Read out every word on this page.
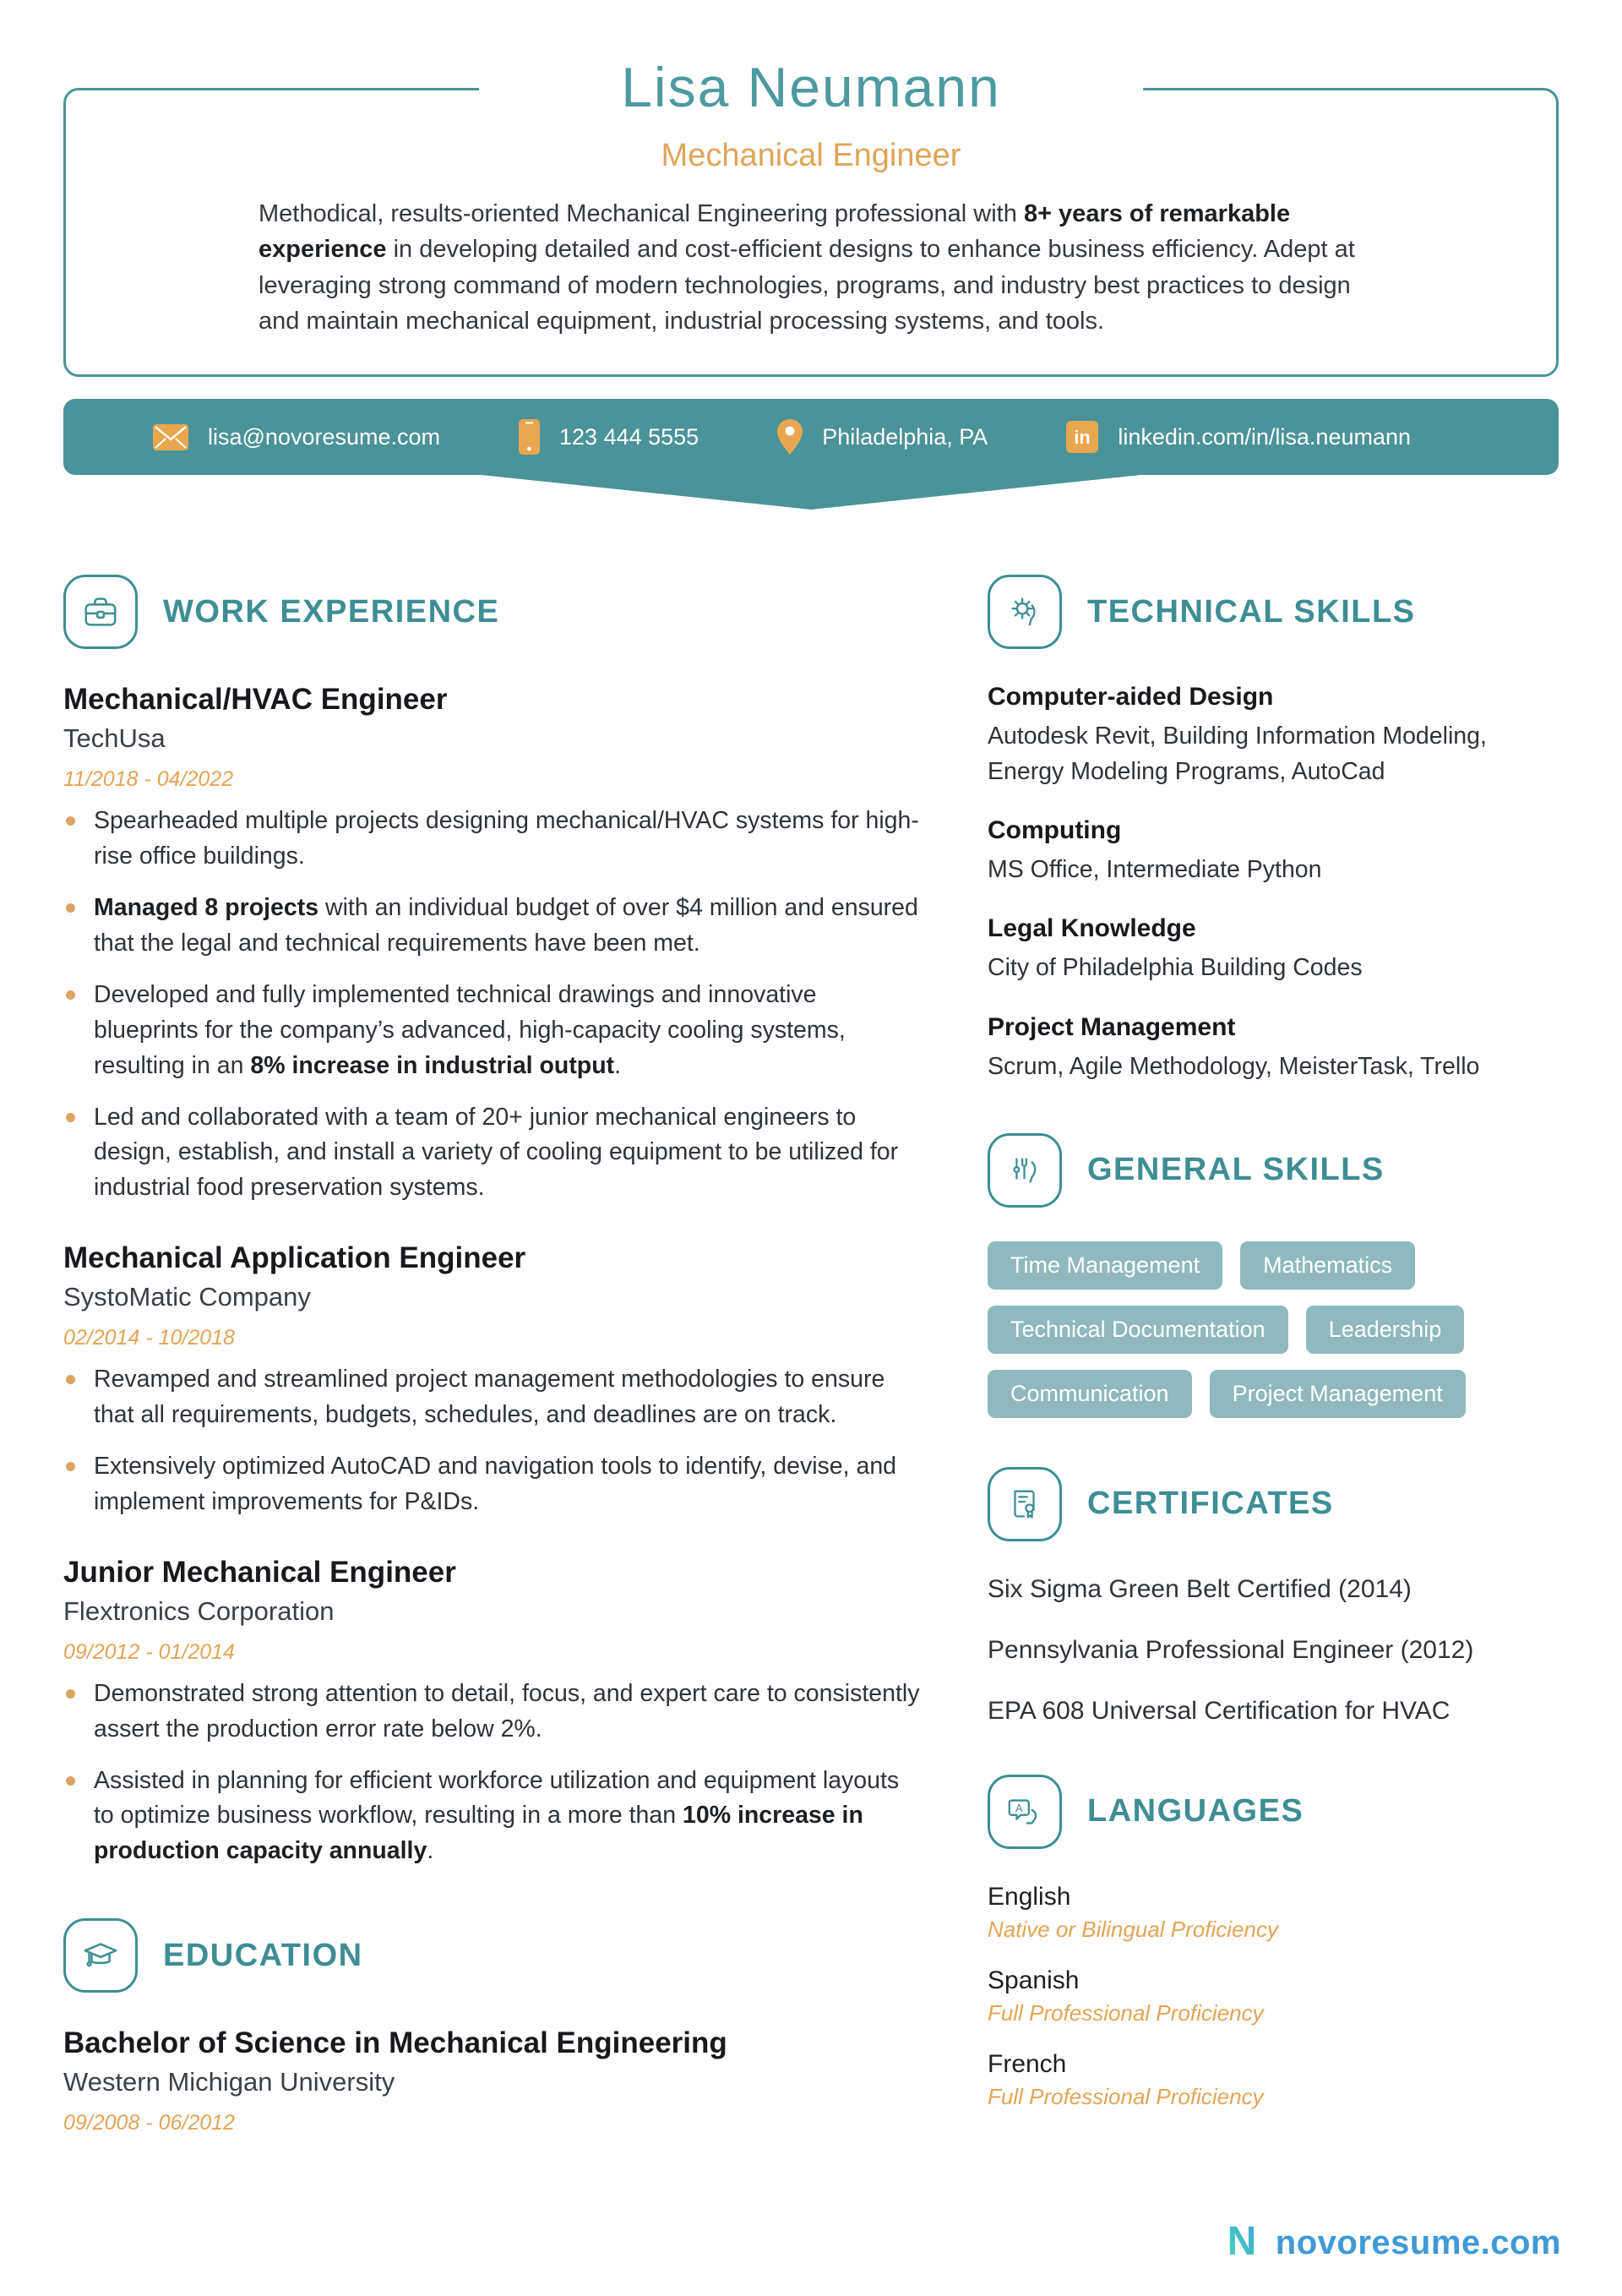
Lisa Neumann
Mechanical Engineer
Methodical, results-oriented Mechanical Engineering professional with 8+ years of remarkable experience in developing detailed and cost-efficient designs to enhance business efficiency. Adept at leveraging strong command of modern technologies, programs, and industry best practices to design and maintain mechanical equipment, industrial processing systems, and tools.
lisa@novoresume.com	123 444 5555	Philadelphia, PA	in linkedin.com/in/lisa.neumann
WORK EXPERIENCE
Mechanical/HVAC Engineer

TechUsa

11/2018 - 04/2022

Spearheaded multiple projects designing mechanical/HVAC systems for high-rise office buildings.
Managed 8 projects with an individual budget of over $4 million and ensured that the legal and technical requirements have been met.
Developed and fully implemented technical drawings and innovative blueprints for the company’s advanced, high-capacity cooling systems, resulting in an 8% increase in industrial output.
Led and collaborated with a team of 20+ junior mechanical engineers to design, establish, and install a variety of cooling equipment to be utilized for industrial food preservation systems.
Mechanical Application Engineer

SystoMatic Company

02/2014 - 10/2018

Revamped and streamlined project management methodologies to ensure that all requirements, budgets, schedules, and deadlines are on track.
Extensively optimized AutoCAD and navigation tools to identify, devise, and implement improvements for P&IDs.
Junior Mechanical Engineer

Flextronics Corporation

09/2012 - 01/2014

Demonstrated strong attention to detail, focus, and expert care to consistently assert the production error rate below 2%.
Assisted in planning for efficient workforce utilization and equipment layouts to optimize business workflow, resulting in a more than 10% increase in production capacity annually.
EDUCATION
Bachelor of Science in Mechanical Engineering

Western Michigan University

09/2008 - 06/2012

TECHNICAL SKILLS

Computer-aided Design

Autodesk Revit, Building Information Modeling, Energy Modeling Programs, AutoCad

Computing

MS Office, Intermediate Python

Legal Knowledge

City of Philadelphia Building Codes

Project Management

Scrum, Agile Methodology, MeisterTask, Trello

GENERAL SKILLS
Time Management	Mathematics
Technical Documentation	Leadership
Communication	Project Management
CERTIFICATES

Six Sigma Green Belt Certified (2014)

Pennsylvania Professional Engineer (2012)

EPA 608 Universal Certification for HVAC

A LANGUAGES

English

Native or Bilingual Proficiency

Spanish

Full Professional Proficiency

French

Full Professional Proficiency

N novoresume.com
